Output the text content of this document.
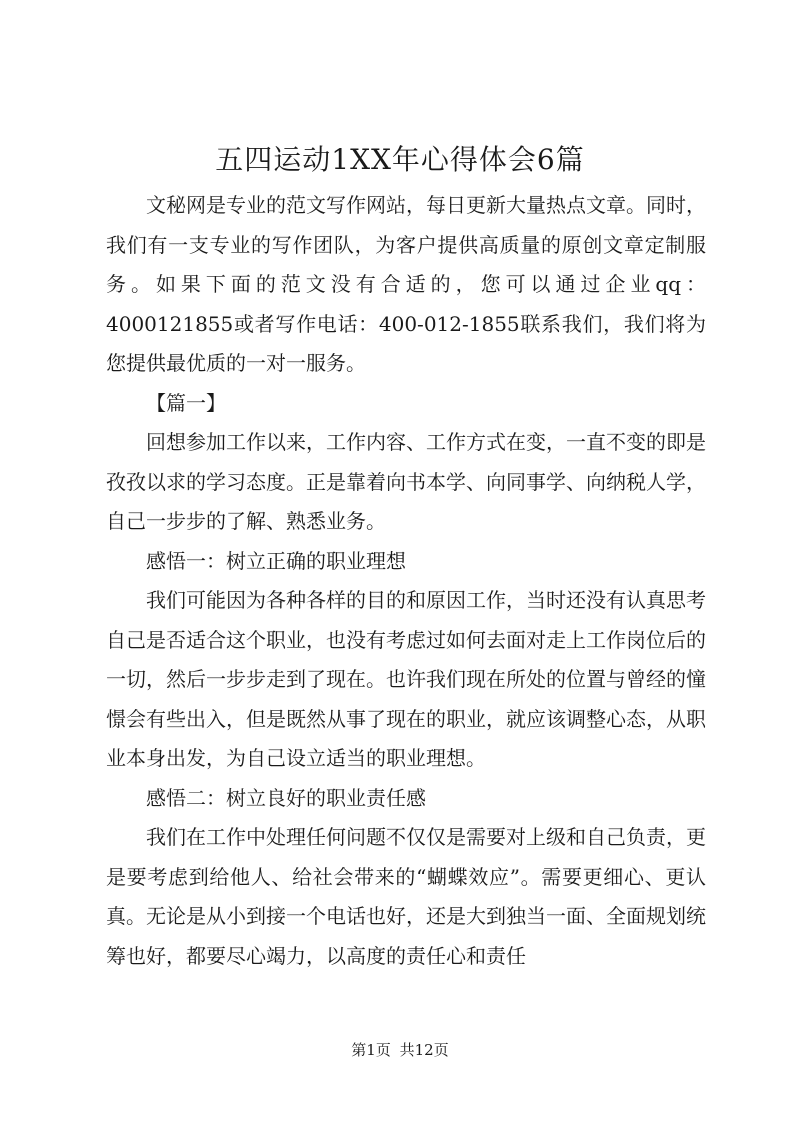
五四运动1XX年心得体会6篇

文秘网是专业的范文写作网站，每日更新大量热点文章。同时，我们有一支专业的写作团队，为客户提供高质量的原创文章定制服务。如果下面的范文没有合适的，您可以通过企业qq：4000121855或者写作电话：400-012-1855联系我们，我们将为您提供最优质的一对一服务。

【篇一】

回想参加工作以来，工作内容、工作方式在变，一直不变的即是孜孜以求的学习态度。正是靠着向书本学、向同事学、向纳税人学，自己一步步的了解、熟悉业务。

感悟一：树立正确的职业理想

我们可能因为各种各样的目的和原因工作，当时还没有认真思考自己是否适合这个职业，也没有考虑过如何去面对走上工作岗位后的一切，然后一步步走到了现在。也许我们现在所处的位置与曾经的憧憬会有些出入，但是既然从事了现在的职业，就应该调整心态，从职业本身出发，为自己设立适当的职业理想。

感悟二：树立良好的职业责任感

我们在工作中处理任何问题不仅仅是需要对上级和自己负责，更是要考虑到给他人、给社会带来的“蝴蝶效应”。需要更细心、更认真。无论是从小到接一个电话也好，还是大到独当一面、全面规划统筹也好，都要尽心竭力，以高度的责任心和责任

第1页 共12页
